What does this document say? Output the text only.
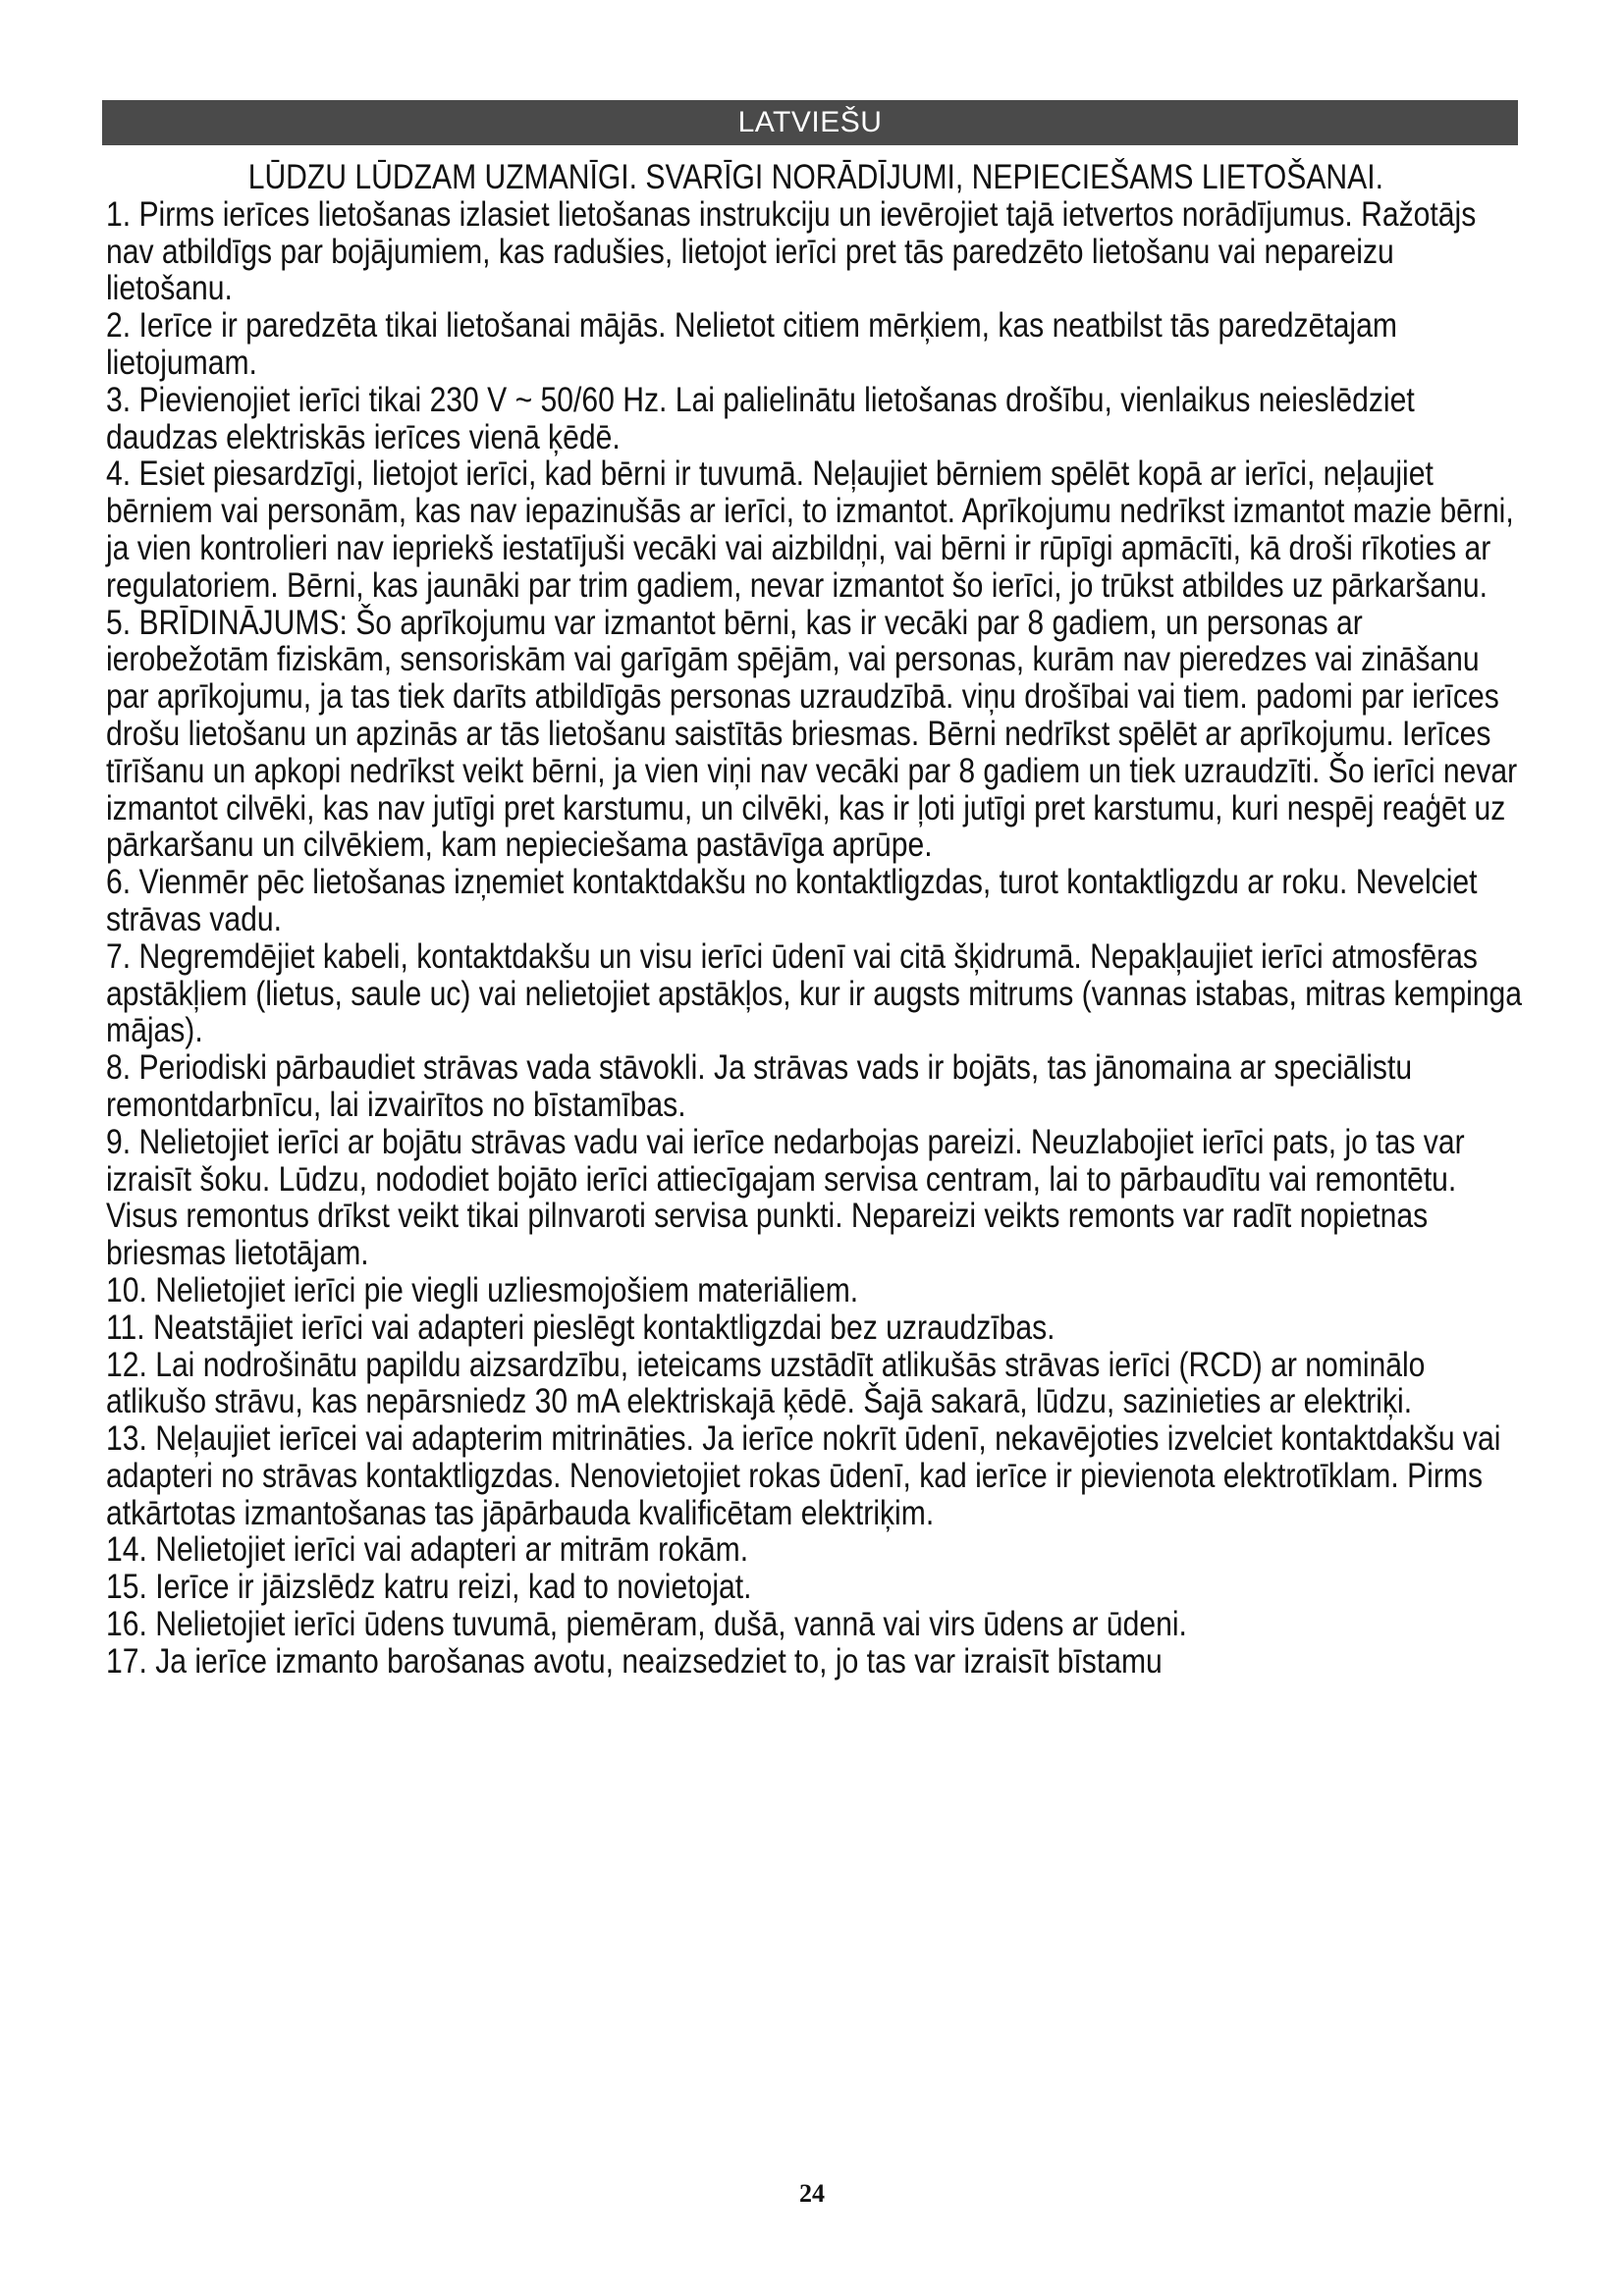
LATVIEŠU

LŪDZU LŪDZAM UZMANĪGI. SVARĪGI NORĀDĪJUMI, NEPIECIEŠAMS LIETOŠANAI.

1. Pirms ierīces lietošanas izlasiet lietošanas instrukciju un ievērojiet tajā ietvertos norādījumus. Ražotājs nav atbildīgs par bojājumiem, kas radušies, lietojot ierīci pret tās paredzēto lietošanu vai nepareizu lietošanu.

2. Ierīce ir paredzēta tikai lietošanai mājās. Nelietot citiem mērķiem, kas neatbilst tās paredzētajam lietojumam.

3. Pievienojiet ierīci tikai 230 V ~ 50/60 Hz. Lai palielinātu lietošanas drošību, vienlaikus neieslēdziet daudzas elektriskās ierīces vienā ķēdē.

4. Esiet piesardzīgi, lietojot ierīci, kad bērni ir tuvumā. Neļaujiet bērniem spēlēt kopā ar ierīci, neļaujiet bērniem vai personām, kas nav iepazinušās ar ierīci, to izmantot. Aprīkojumu nedrīkst izmantot mazie bērni, ja vien kontrolieri nav iepriekš iestatījuši vecāki vai aizbildņi, vai bērni ir rūpīgi apmācīti, kā droši rīkoties ar regulatoriem. Bērni, kas jaunāki par trim gadiem, nevar izmantot šo ierīci, jo trūkst atbildes uz pārkaršanu.

5. BRĪDINĀJUMS: Šo aprīkojumu var izmantot bērni, kas ir vecāki par 8 gadiem, un personas ar ierobežotām fiziskām, sensoriskām vai garīgām spējām, vai personas, kurām nav pieredzes vai zināšanu par aprīkojumu, ja tas tiek darīts atbildīgās personas uzraudzībā. viņu drošībai vai tiem. padomi par ierīces drošu lietošanu un apzinās ar tās lietošanu saistītās briesmas. Bērni nedrīkst spēlēt ar aprīkojumu. Ierīces tīrīšanu un apkopi nedrīkst veikt bērni, ja vien viņi nav vecāki par 8 gadiem un tiek uzraudzīti. Šo ierīci nevar izmantot cilvēki, kas nav jutīgi pret karstumu, un cilvēki, kas ir ļoti jutīgi pret karstumu, kuri nespēj reaģēt uz pārkaršanu un cilvēkiem, kam nepieciešama pastāvīga aprūpe.

6. Vienmēr pēc lietošanas izņemiet kontaktdakšu no kontaktligzdas, turot kontaktligzdu ar roku. Nevelciet strāvas vadu.

7. Negremdējiet kabeli, kontaktdakšu un visu ierīci ūdenī vai citā šķidrumā. Nepakļaujiet ierīci atmosfēras apstākļiem (lietus, saule uc) vai nelietojiet apstākļos, kur ir augsts mitrums (vannas istabas, mitras kempinga mājas).

8. Periodiski pārbaudiet strāvas vada stāvokli. Ja strāvas vads ir bojāts, tas jānomaina ar speciālistu remontdarbnīcu, lai izvairītos no bīstamības.

9. Nelietojiet ierīci ar bojātu strāvas vadu vai ierīce nedarbojas pareizi. Neuzlabojiet ierīci pats, jo tas var izraisīt šoku. Lūdzu, nododiet bojāto ierīci attiecīgajam servisa centram, lai to pārbaudītu vai remontētu. Visus remontus drīkst veikt tikai pilnvaroti servisa punkti. Nepareizi veikts remonts var radīt nopietnas briesmas lietotājam.

10. Nelietojiet ierīci pie viegli uzliesmojošiem materiāliem.

11. Neatstājiet ierīci vai adapteri pieslēgt kontaktligzdai bez uzraudzības.

12. Lai nodrošinātu papildu aizsardzību, ieteicams uzstādīt atlikušās strāvas ierīci (RCD) ar nominālo atlikušo strāvu, kas nepārsniedz 30 mA elektriskajā ķēdē. Šajā sakarā, lūdzu, sazinieties ar elektriķi.

13. Neļaujiet ierīcei vai adapterim mitrināties. Ja ierīce nokrīt ūdenī, nekavējoties izvelciet kontaktdakšu vai adapteri no strāvas kontaktligzdas. Nenovietojiet rokas ūdenī, kad ierīce ir pievienota elektrotīklam. Pirms atkārtotas izmantošanas tas jāpārbauda kvalificētam elektriķim.

14. Nelietojiet ierīci vai adapteri ar mitrām rokām.

15. Ierīce ir jāizslēdz katru reizi, kad to novietojat.

16. Nelietojiet ierīci ūdens tuvumā, piemēram, dušā, vannā vai virs ūdens ar ūdeni.

17. Ja ierīce izmanto barošanas avotu, neaizsedziet to, jo tas var izraisīt bīstamu

24
